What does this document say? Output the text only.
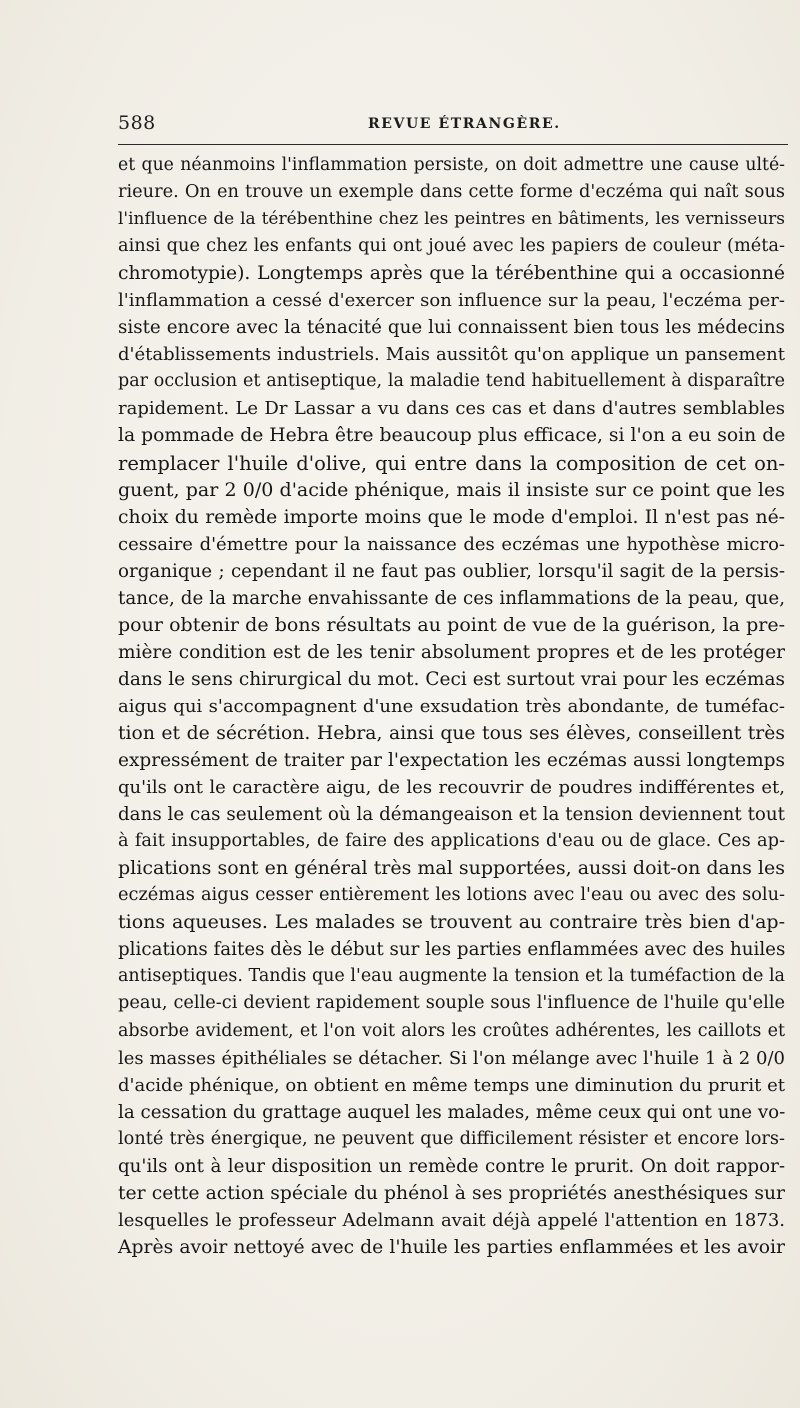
588	REVUE ÉTRANGÈRE.
et que néanmoins l'inflammation persiste, on doit admettre une cause ulté-
rieure. On en trouve un exemple dans cette forme d'eczéma qui naît sous
l'influence de la térébenthine chez les peintres en bâtiments, les vernisseurs
ainsi que chez les enfants qui ont joué avec les papiers de couleur (méta-
chromotypie). Longtemps après que la térébenthine qui a occasionné
l'inflammation a cessé d'exercer son influence sur la peau, l'eczéma per-
siste encore avec la ténacité que lui connaissent bien tous les médecins
d'établissements industriels. Mais aussitôt qu'on applique un pansement
par occlusion et antiseptique, la maladie tend habituellement à disparaître
rapidement. Le Dr Lassar a vu dans ces cas et dans d'autres semblables
la pommade de Hebra être beaucoup plus efficace, si l'on a eu soin de
remplacer l'huile d'olive, qui entre dans la composition de cet on-
guent, par 2 0/0 d'acide phénique, mais il insiste sur ce point que les
choix du remède importe moins que le mode d'emploi. Il n'est pas né-
cessaire d'émettre pour la naissance des eczémas une hypothèse micro-
organique ; cependant il ne faut pas oublier, lorsqu'il sagit de la persis-
tance, de la marche envahissante de ces inflammations de la peau, que,
pour obtenir de bons résultats au point de vue de la guérison, la pre-
mière condition est de les tenir absolument propres et de les protéger
dans le sens chirurgical du mot. Ceci est surtout vrai pour les eczémas
aigus qui s'accompagnent d'une exsudation très abondante, de tuméfac-
tion et de sécrétion. Hebra, ainsi que tous ses élèves, conseillent très
expressément de traiter par l'expectation les eczémas aussi longtemps
qu'ils ont le caractère aigu, de les recouvrir de poudres indifférentes et,
dans le cas seulement où la démangeaison et la tension deviennent tout
à fait insupportables, de faire des applications d'eau ou de glace. Ces ap-
plications sont en général très mal supportées, aussi doit-on dans les
eczémas aigus cesser entièrement les lotions avec l'eau ou avec des solu-
tions aqueuses. Les malades se trouvent au contraire très bien d'ap-
plications faites dès le début sur les parties enflammées avec des huiles
antiseptiques. Tandis que l'eau augmente la tension et la tuméfaction de la
peau, celle-ci devient rapidement souple sous l'influence de l'huile qu'elle
absorbe avidement, et l'on voit alors les croûtes adhérentes, les caillots et
les masses épithéliales se détacher. Si l'on mélange avec l'huile 1 à 2 0/0
d'acide phénique, on obtient en même temps une diminution du prurit et
la cessation du grattage auquel les malades, même ceux qui ont une vo-
lonté très énergique, ne peuvent que difficilement résister et encore lors-
qu'ils ont à leur disposition un remède contre le prurit. On doit rappor-
ter cette action spéciale du phénol à ses propriétés anesthésiques sur
lesquelles le professeur Adelmann avait déjà appelé l'attention en 1873.
Après avoir nettoyé avec de l'huile les parties enflammées et les avoir
